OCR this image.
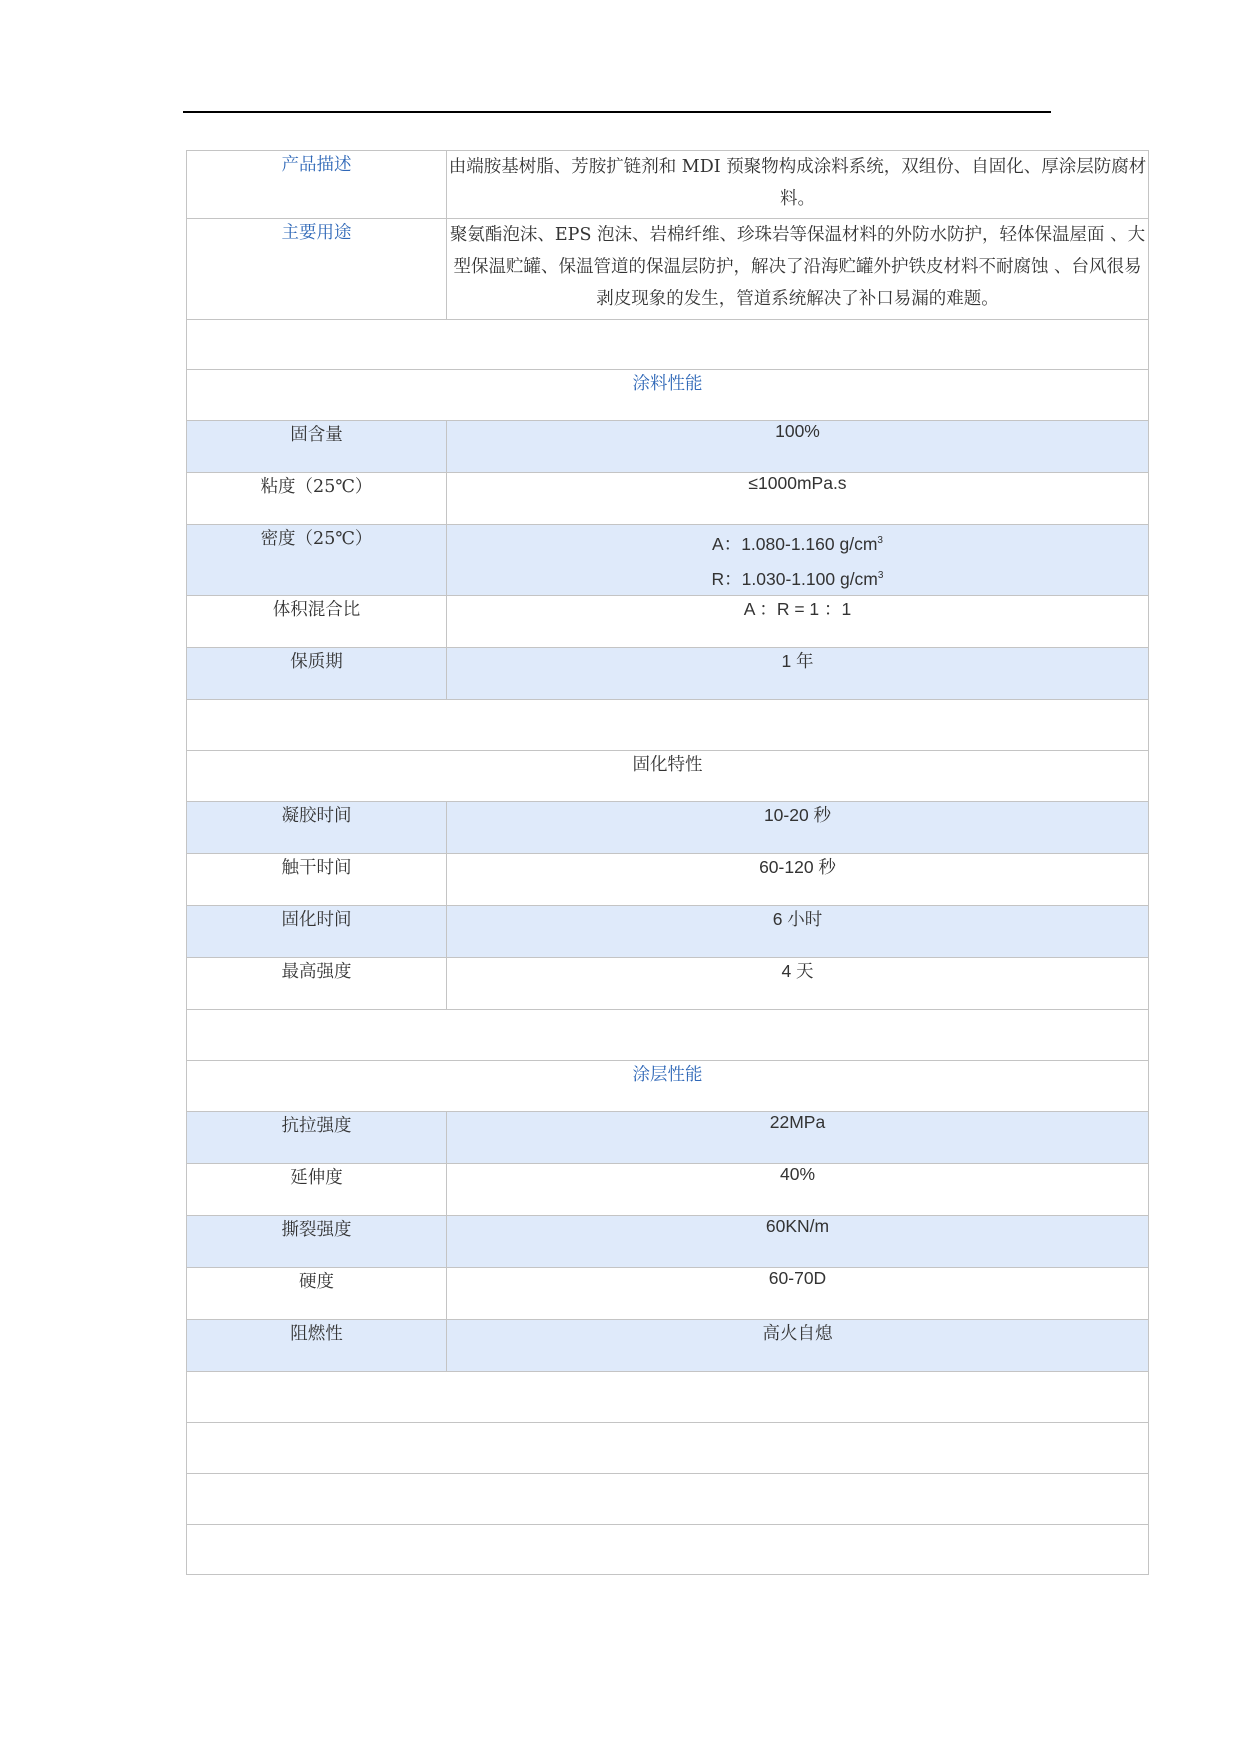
产品描述	由端胺基树脂、芳胺扩链剂和 MDI 预聚物构成涂料系统，双组份、自固化、厚涂层防腐材料。
主要用途	聚氨酯泡沫、EPS 泡沫、岩棉纤维、珍珠岩等保温材料的外防水防护，轻体保温屋面 、大型保温贮罐、保温管道的保温层防护，解决了沿海贮罐外护铁皮材料不耐腐蚀 、台风很易剥皮现象的发生，管道系统解决了补口易漏的难题。

涂料性能	
固含量	100%
粘度（25℃）	≤1000mPa.s
密度（25℃）	A：1.080-1.160 $g/cm^3$
R：1.030-1.100 $g/cm^3$

体积混合比	A ：R = 1 ：1
保质期	1 年

固化特性	
凝胶时间	10-20 秒
触干时间	60-120 秒
固化时间	6 小时
最高强度	4 天

涂层性能	
抗拉强度	22MPa
延伸度	40%
撕裂强度	60KN/m
硬度	60-70D
阻燃性	高火自熄
